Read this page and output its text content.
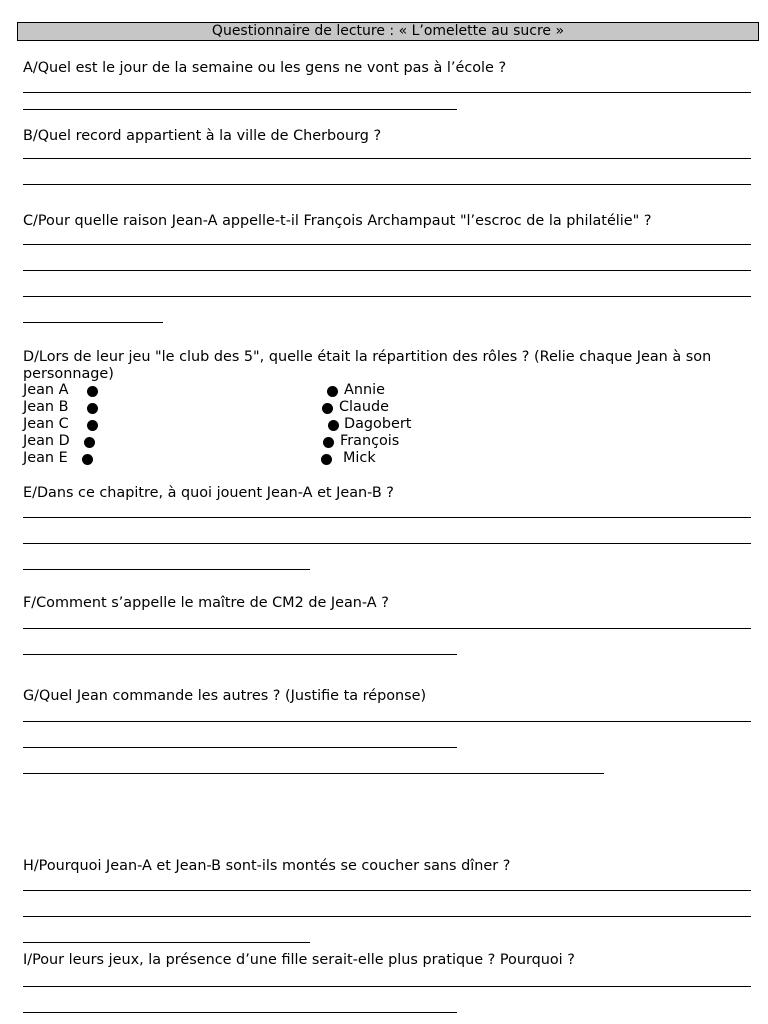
Questionnaire de lecture : « L’omelette au sucre »
A/Quel est le jour de la semaine ou les gens ne vont pas à l’école ?
B/Quel record appartient à la ville de Cherbourg ?
C/Pour quelle raison Jean-A appelle-t-il François Archampaut "l’escroc de la philatélie" ?
D/Lors de leur jeu "le club des 5", quelle était la répartition des rôles ? (Relie chaque Jean à son personnage)
Jean A
Jean B
Jean C
Jean D
Jean E
Annie
Claude
Dagobert
François
Mick
E/Dans ce chapitre, à quoi jouent Jean-A et Jean-B ?
F/Comment s’appelle le maître de CM2 de Jean-A ?
G/Quel Jean commande les autres ? (Justifie ta réponse)
H/Pourquoi Jean-A et Jean-B sont-ils montés se coucher sans dîner ?
I/Pour leurs jeux, la présence d’une fille serait-elle plus pratique ? Pourquoi ?
